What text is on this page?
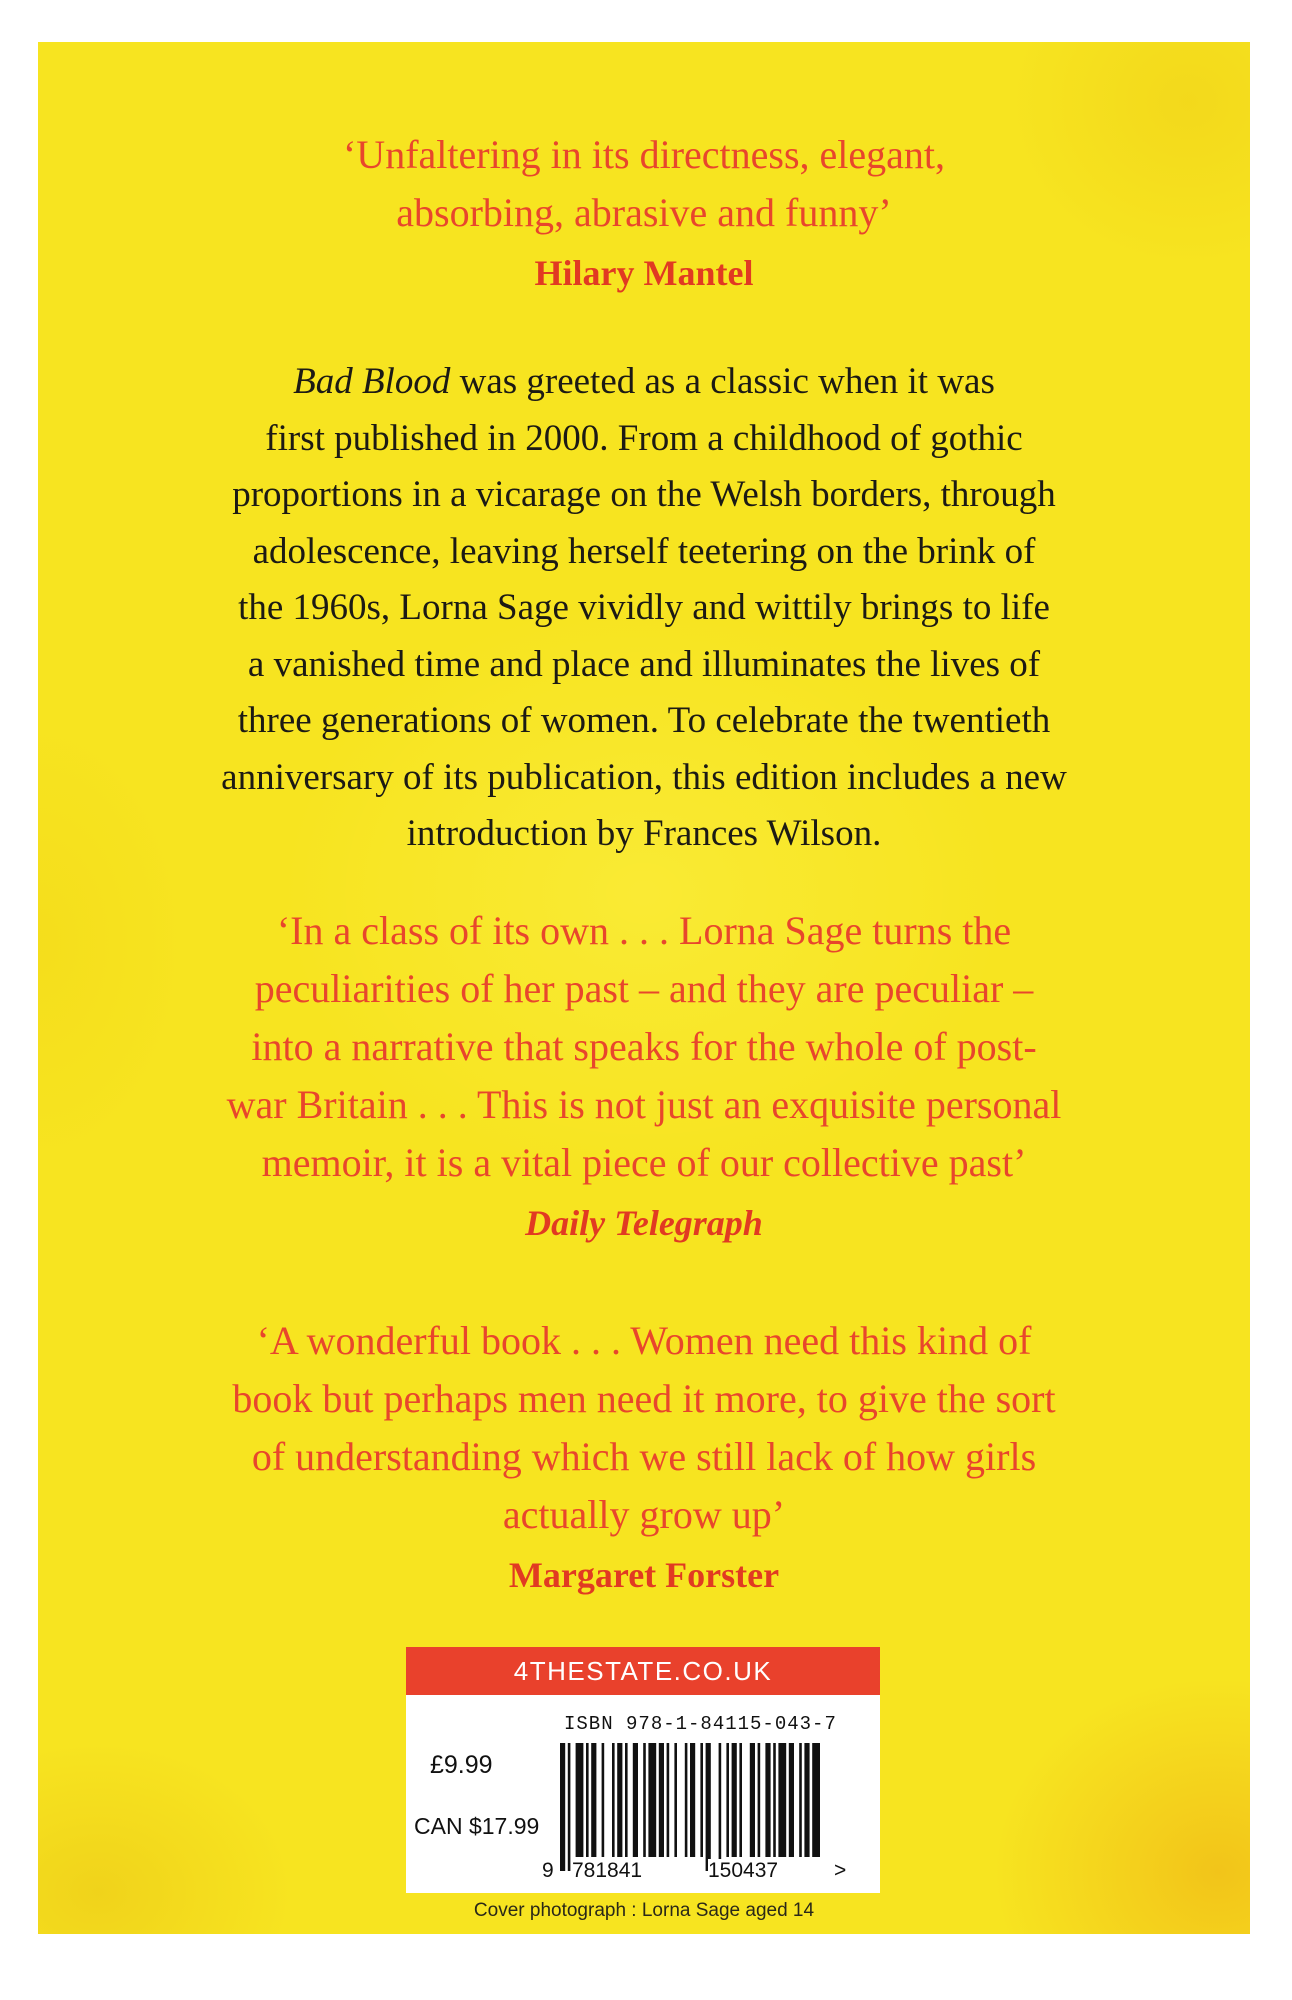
‘Unfaltering in its directness, elegant,
absorbing, abrasive and funny’
Hilary Mantel
Bad Blood was greeted as a classic when it was
first published in 2000. From a childhood of gothic
proportions in a vicarage on the Welsh borders, through
adolescence, leaving herself teetering on the brink of
the 1960s, Lorna Sage vividly and wittily brings to life
a vanished time and place and illuminates the lives of
three generations of women. To celebrate the twentieth
anniversary of its publication, this edition includes a new
introduction by Frances Wilson.
‘In a class of its own . . . Lorna Sage turns the
peculiarities of her past – and they are peculiar –
into a narrative that speaks for the whole of post-
war Britain . . . This is not just an exquisite personal
memoir, it is a vital piece of our collective past’
Daily Telegraph
‘A wonderful book . . . Women need this kind of
book but perhaps men need it more, to give the sort
of understanding which we still lack of how girls
actually grow up’
Margaret Forster
4THESTATE.CO.UK
ISBN 978-1-84115-043-7
£9.99
CAN $17.99
9 781841	150437	>
Cover photograph : Lorna Sage aged 14
